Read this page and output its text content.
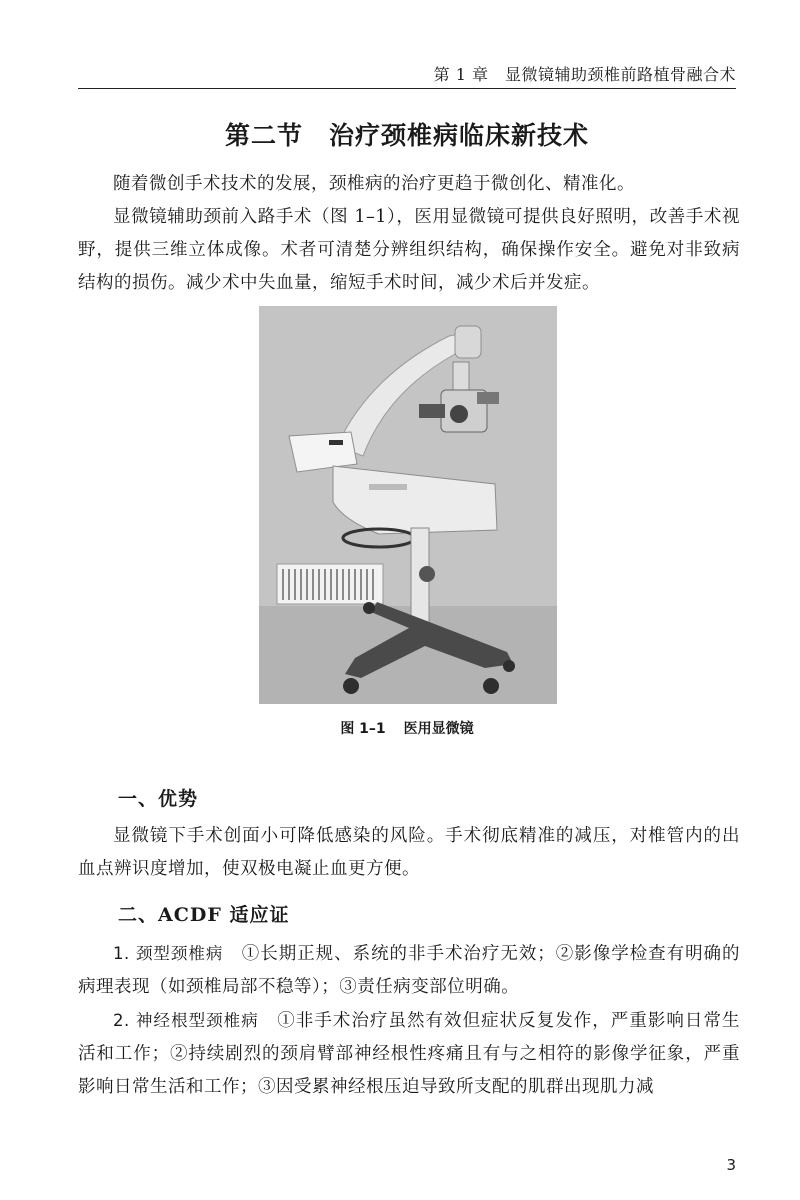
第 1 章　显微镜辅助颈椎前路植骨融合术
第二节　治疗颈椎病临床新技术

随着微创手术技术的发展，颈椎病的治疗更趋于微创化、精准化。

显微镜辅助颈前入路手术（图 1–1），医用显微镜可提供良好照明，改善手术视野，提供三维立体成像。术者可清楚分辨组织结构，确保操作安全。避免对非致病结构的损伤。减少术中失血量，缩短手术时间，减少术后并发症。

图 1–1 医用显微镜
一、优势

显微镜下手术创面小可降低感染的风险。手术彻底精准的减压，对椎管内的出血点辨识度增加，使双极电凝止血更方便。

二、ACDF 适应证

1. 颈型颈椎病　 ①长期正规、系统的非手术治疗无效；②影像学检查有明确的病理表现（如颈椎局部不稳等）；③责任病变部位明确。

2. 神经根型颈椎病　 ①非手术治疗虽然有效但症状反复发作，严重影响日常生活和工作；②持续剧烈的颈肩臂部神经根性疼痛且有与之相符的影像学征象，严重影响日常生活和工作；③因受累神经根压迫导致所支配的肌群出现肌力减

3
